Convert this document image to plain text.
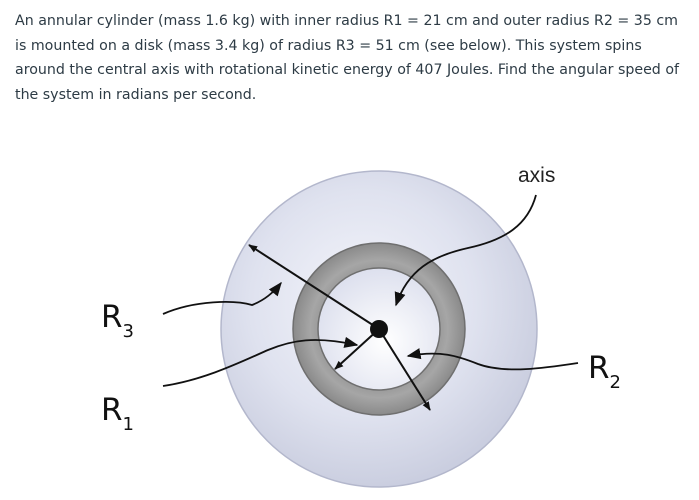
An annular cylinder (mass 1.6 kg) with inner radius R1 = 21 cm and outer radius R2 = 35 cm is mounted on a disk (mass 3.4 kg) of radius R3 = 51 cm (see below). This system spins around the central axis with rotational kinetic energy of 407 Joules. Find the angular speed of the system in radians per second.

axis
R3
R1
R2
